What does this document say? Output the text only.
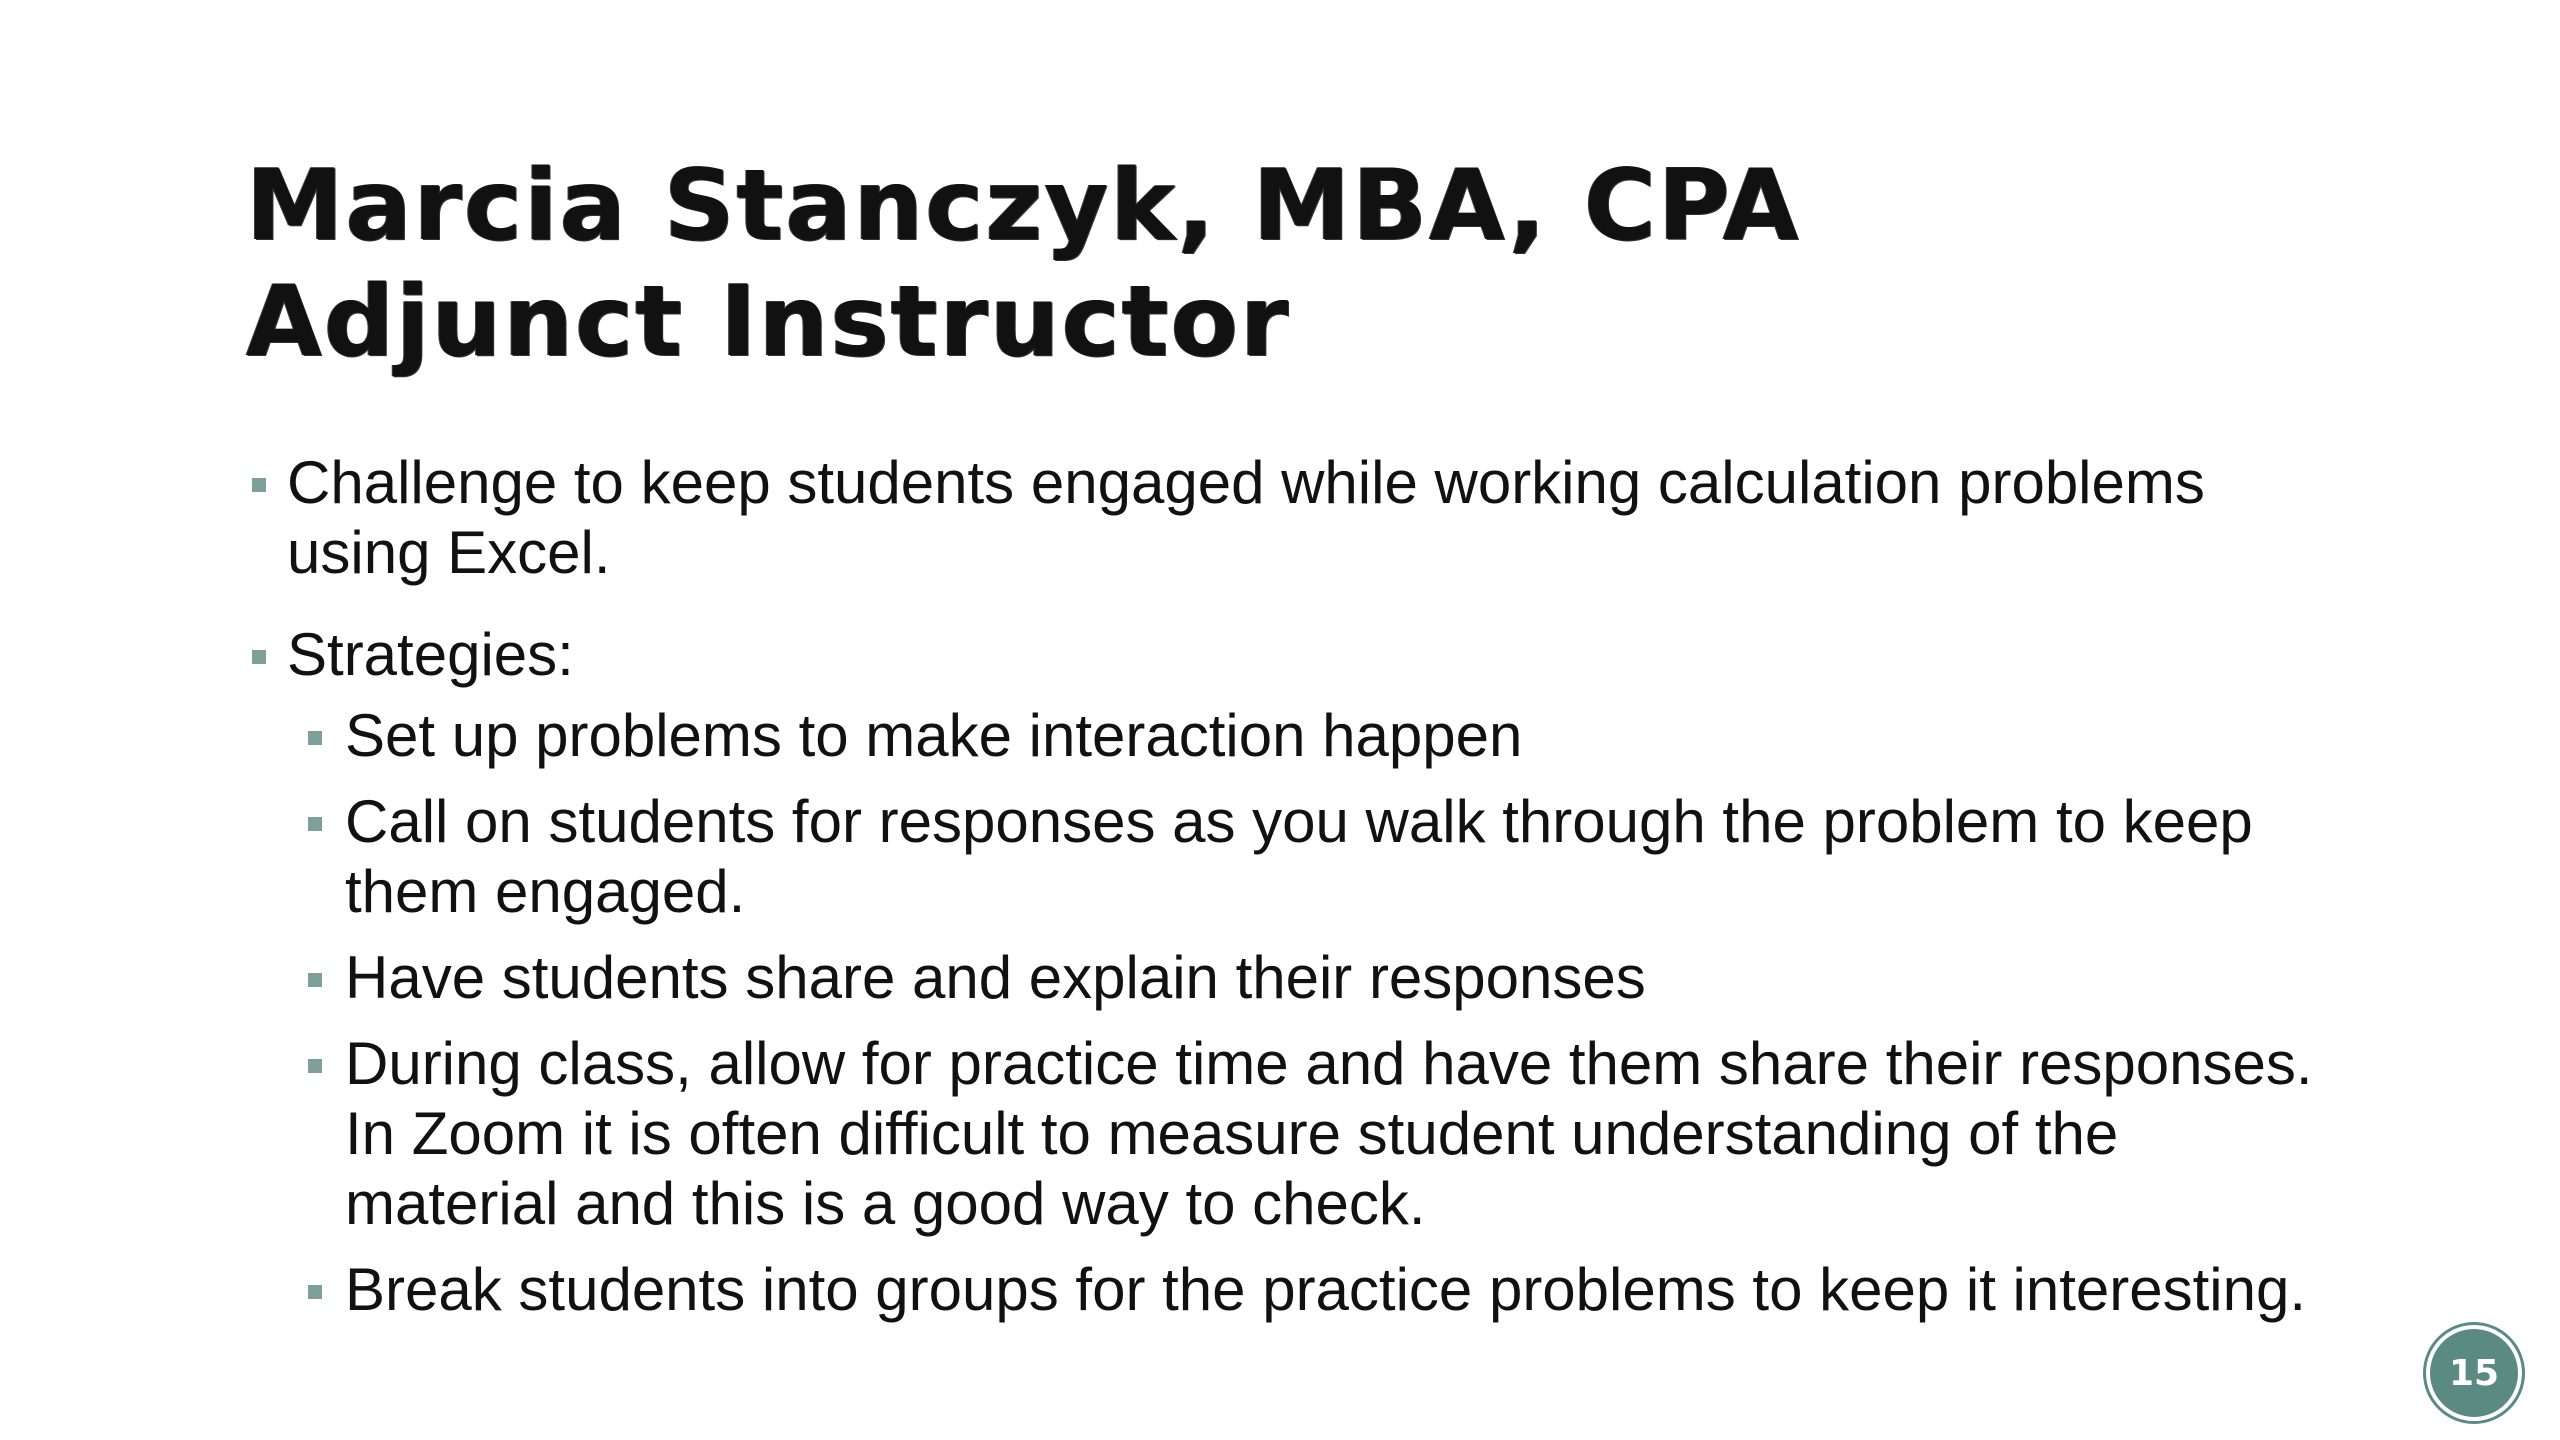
Marcia Stanczyk, MBA, CPA
Adjunct Instructor
Challenge to keep students engaged while working calculation problems using Excel.
Strategies:
Set up problems to make interaction happen
Call on students for responses as you walk through the problem to keep them engaged.
Have students share and explain their responses
During class, allow for practice time and have them share their responses. In Zoom it is often difficult to measure student understanding of the material and this is a good way to check.
Break students into groups for the practice problems to keep it interesting.
15
